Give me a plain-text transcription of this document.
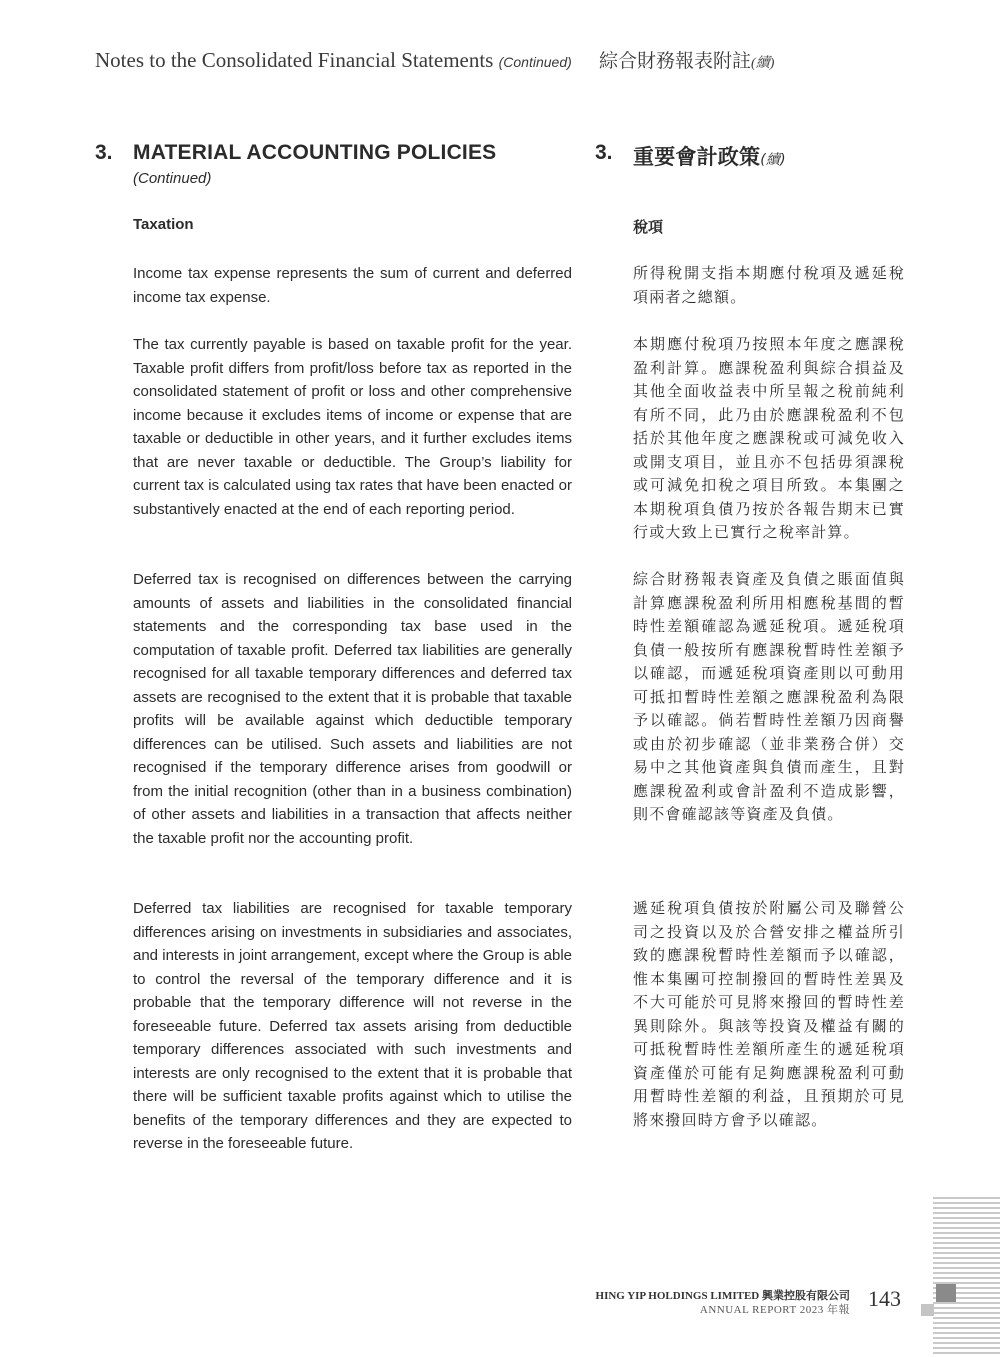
Notes to the Consolidated Financial Statements (Continued) 綜合財務報表附註(續)
3. MATERIAL ACCOUNTING POLICIES
(Continued)
3. 重要會計政策(續)
Taxation	稅項

Income tax expense represents the sum of current and deferred income tax expense.

The tax currently payable is based on taxable profit for the year. Taxable profit differs from profit/loss before tax as reported in the consolidated statement of profit or loss and other comprehensive income because it excludes items of income or expense that are taxable or deductible in other years, and it further excludes items that are never taxable or deductible. The Group’s liability for current tax is calculated using tax rates that have been enacted or substantively enacted at the end of each reporting period.

Deferred tax is recognised on differences between the carrying amounts of assets and liabilities in the consolidated financial statements and the corresponding tax base used in the computation of taxable profit. Deferred tax liabilities are generally recognised for all taxable temporary differences and deferred tax assets are recognised to the extent that it is probable that taxable profits will be available against which deductible temporary differences can be utilised. Such assets and liabilities are not recognised if the temporary difference arises from goodwill or from the initial recognition (other than in a business combination) of other assets and liabilities in a transaction that affects neither the taxable profit nor the accounting profit.

Deferred tax liabilities are recognised for taxable temporary differences arising on investments in subsidiaries and associates, and interests in joint arrangement, except where the Group is able to control the reversal of the temporary difference and it is probable that the temporary difference will not reverse in the foreseeable future. Deferred tax assets arising from deductible temporary differences associated with such investments and interests are only recognised to the extent that it is probable that there will be sufficient taxable profits against which to utilise the benefits of the temporary differences and they are expected to reverse in the foreseeable future.

所得稅開支指本期應付稅項及遞延稅項兩者之總額。

本期應付稅項乃按照本年度之應課稅盈利計算。應課稅盈利與綜合損益及其他全面收益表中所呈報之稅前純利有所不同，此乃由於應課稅盈利不包括於其他年度之應課稅或可減免收入或開支項目，並且亦不包括毋須課稅或可減免扣稅之項目所致。本集團之本期稅項負債乃按於各報告期末已實行或大致上已實行之稅率計算。

綜合財務報表資產及負債之賬面值與計算應課稅盈利所用相應稅基間的暫時性差額確認為遞延稅項。遞延稅項負債一般按所有應課稅暫時性差額予以確認，而遞延稅項資產則以可動用可抵扣暫時性差額之應課稅盈利為限予以確認。倘若暫時性差額乃因商譽或由於初步確認（並非業務合併）交易中之其他資產與負債而產生，且對應課稅盈利或會計盈利不造成影響，則不會確認該等資產及負債。

遞延稅項負債按於附屬公司及聯營公司之投資以及於合營安排之權益所引致的應課稅暫時性差額而予以確認，惟本集團可控制撥回的暫時性差異及不大可能於可見將來撥回的暫時性差異則除外。與該等投資及權益有關的可抵稅暫時性差額所產生的遞延稅項資產僅於可能有足夠應課稅盈利可動用暫時性差額的利益，且預期於可見將來撥回時方會予以確認。

HING YIP HOLDINGS LIMITED 興業控股有限公司
ANNUAL REPORT 2023 年報 143
